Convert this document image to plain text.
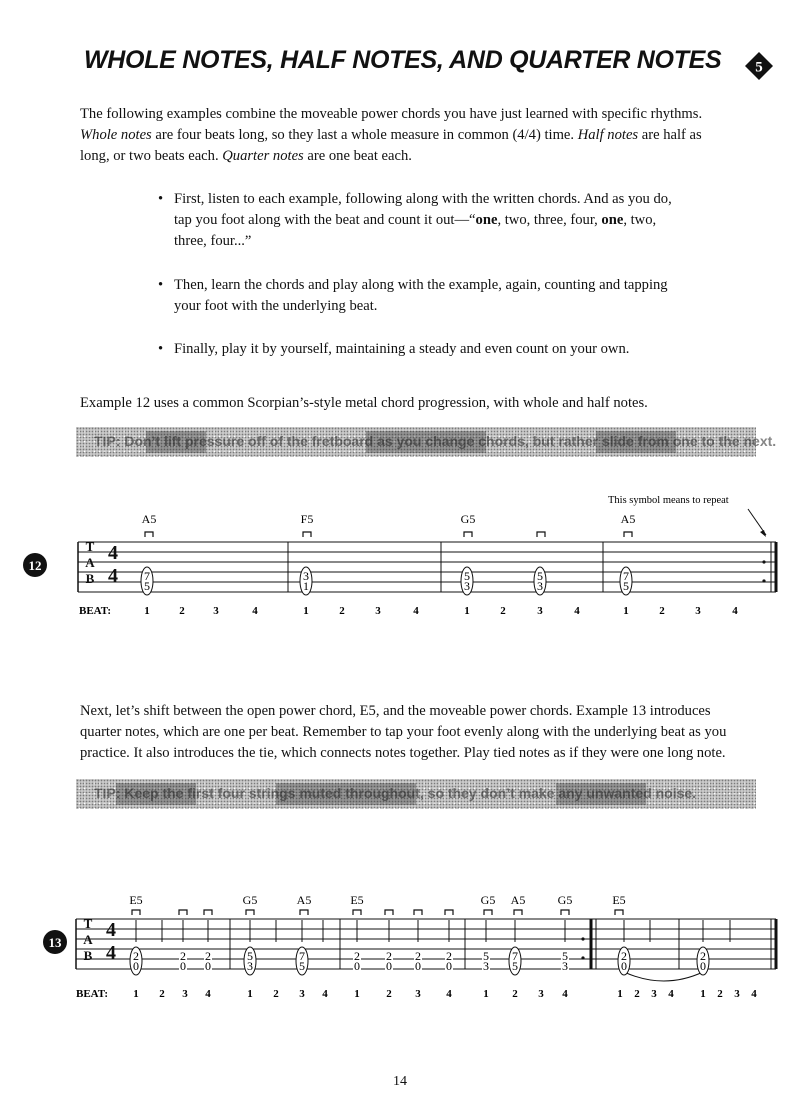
WHOLE NOTES, HALF NOTES, AND QUARTER NOTES	5

The following examples combine the moveable power chords you have just learned with specific rhythms.
Whole notes are four beats long, so they last a whole measure in common (4/4) time. Half notes are half as
long, or two beats each. Quarter notes are one beat each.

• First, listen to each example, following along with the written chords. And as you do, tap you foot along with the beat and count it out—“one, two, three, four, one, two, three, four...”
• Then, learn the chords and play along with the example, again, counting and tapping your foot with the underlying beat.
• Finally, play it by yourself, maintaining a steady and even count on your own.

Example 12 uses a common Scorpian’s-style metal chord progression, with whole and half notes.

TIP: Don’t lift pressure off of the fretboard as you change chords, but rather slide from one to the next.
12
T
A
B
4
4
This symbol means to repeat
A5	F5	G5	A5
7
5
3
1
5
3
5
3
7
5
BEAT:	1	2	3	4	1	2	3	4	1	2	3	4	1	2	3	4

Next, let’s shift between the open power chord, E5, and the moveable power chords. Example 13 introduces
quarter notes, which are one per beat. Remember to tap your foot evenly along with the underlying beat as you
practice. It also introduces the tie, which connects notes together. Play tied notes as if they were one long note.

TIP: Keep the first four strings muted throughout, so they don’t make any unwanted noise.
13
T
A
B
4
4
E5	G5	A5	E5	G5 A5	G5	E5
2
0
2
0
2
0
5
3
7
5
2
0
2
0
2
0
2
0
5
3
7
5
5
3
2
0
2
0
BEAT: 1 2 3 4	1 2 3 4 1 2 3 4	1 2 3 4	1 2 3 4 1 2 3 4
14
